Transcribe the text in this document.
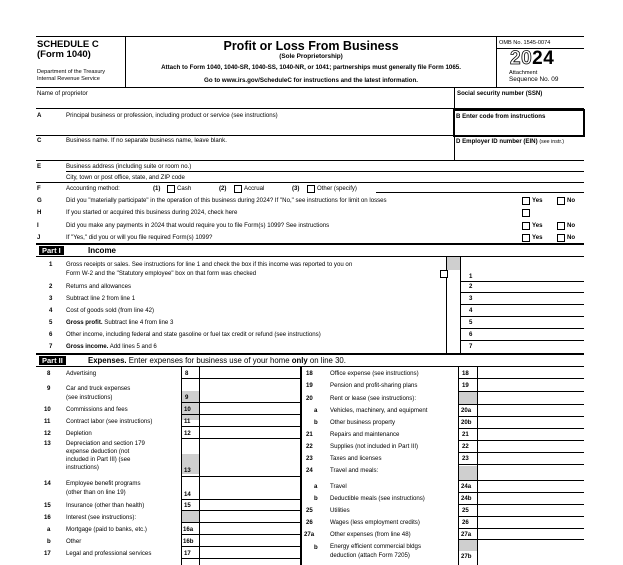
SCHEDULE C
(Form 1040)
Department of the Treasury
Internal Revenue Service
Profit or Loss From Business
(Sole Proprietorship)
Attach to Form 1040, 1040-SR, 1040-SS, 1040-NR, or 1041; partnerships must generally file Form 1065.
Go to www.irs.gov/ScheduleC for instructions and the latest information.
OMB No. 1545-0074
2024
Attachment
Sequence No. 09
Name of proprietor	Social security number (SSN)
A	Principal business or profession, including product or service (see instructions)	B Enter code from instructions
C	Business name. If no separate business name, leave blank.	D Employer ID number (EIN) (see instr.)
E	Business address (including suite or room no.)
City, town or post office, state, and ZIP code
F	Accounting method:	(1)	Cash	(2)	Accrual	(3)	Other (specify)
G	Did you "materially participate" in the operation of this business during 2024? If "No," see instructions for limit on losses	Yes	No
H	If you started or acquired this business during 2024, check here
I	Did you make any payments in 2024 that would require you to file Form(s) 1099? See instructions	Yes	No
J	If "Yes," did you or will you file required Form(s) 1099?	Yes	No
Part I	Income
1 Gross receipts or sales. See instructions for line 1 and check the box if this income was reported to you on
Form W-2 and the "Statutory employee" box on that form was checked	1
2 Returns and allowances	2
3 Subtract line 2 from line 1	3
4 Cost of goods sold (from line 42)	4
5 Gross profit. Subtract line 4 from line 3	5
6 Other income, including federal and state gasoline or fuel tax credit or refund (see instructions)	6
7 Gross income. Add lines 5 and 6	7
Part II	Expenses. Enter expenses for business use of your home only on line 30.
8	Advertising	8
9	Car and truck expenses
(see instructions)	9
10 Commissions and fees	10
11	Contract labor (see instructions)	11
12 Depletion	12
13 Depreciation and section 179
expense deduction (not
included in Part III) (see
instructions)	13
14 Employee benefit programs
(other than on line 19)	14
15 Insurance (other than health)	15
16 Interest (see instructions):
a	Mortgage (paid to banks, etc.)	16a
b	Other	16b
17 Legal and professional services	17
18	Office expense (see instructions)	18
19	Pension and profit-sharing plans	19
20	Rent or lease (see instructions):
a Vehicles, machinery, and equipment	20a
b Other business property	20b
21	Repairs and maintenance	21
22	Supplies (not included in Part III)	22
23	Taxes and licenses	23
24	Travel and meals:
a Travel	24a
b Deductible meals (see instructions)	24b
25	Utilities	25
26	Wages (less employment credits)	26
27a	Other expenses (from line 48)	27a
b Energy efficient commercial bldgs
deduction (attach Form 7205)	27b
